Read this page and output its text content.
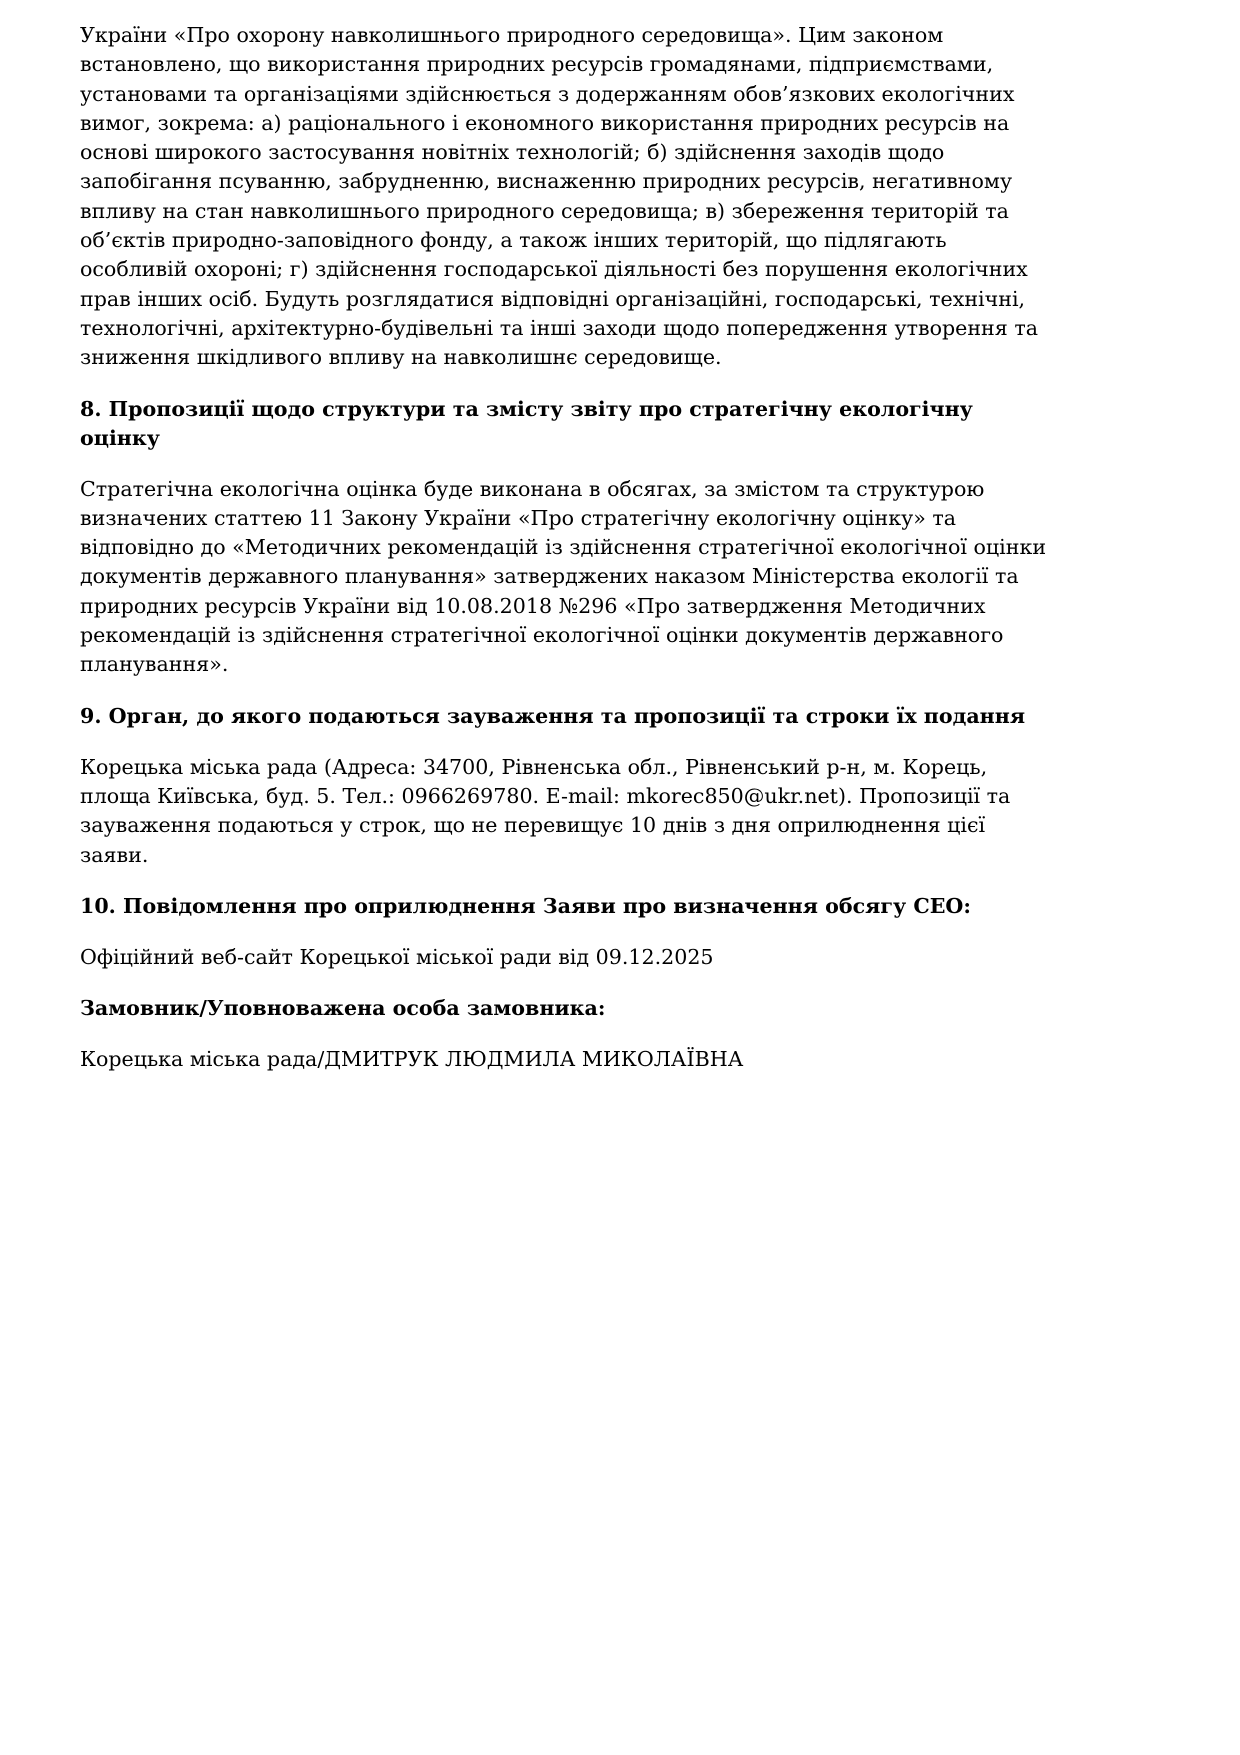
України «Про охорону навколишнього природного середовища». Цим законом
встановлено, що використання природних ресурсів громадянами, підприємствами,
установами та організаціями здійснюється з додержанням обов’язкових екологічних
вимог, зокрема: а) раціонального і економного використання природних ресурсів на
основі широкого застосування новітніх технологій; б) здійснення заходів щодо
запобігання псуванню, забрудненню, виснаженню природних ресурсів, негативному
впливу на стан навколишнього природного середовища; в) збереження територій та
об’єктів природно-заповідного фонду, а також інших територій, що підлягають
особливій охороні; г) здійснення господарської діяльності без порушення екологічних
прав інших осіб. Будуть розглядатися відповідні організаційні, господарські, технічні,
технологічні, архітектурно-будівельні та інші заходи щодо попередження утворення та
зниження шкідливого впливу на навколишнє середовище.

8. Пропозиції щодо структури та змісту звіту про стратегічну екологічну
оцінку

Стратегічна екологічна оцінка буде виконана в обсягах, за змістом та структурою
визначених статтею 11 Закону України «Про стратегічну екологічну оцінку» та
відповідно до «Методичних рекомендацій із здійснення стратегічної екологічної оцінки
документів державного планування» затверджених наказом Міністерства екології та
природних ресурсів України від 10.08.2018 №296 «Про затвердження Методичних
рекомендацій із здійснення стратегічної екологічної оцінки документів державного
планування».

9. Орган, до якого подаються зауваження та пропозиції та строки їх подання

Корецька міська рада (Адреса: 34700, Рівненська обл., Рівненський р-н, м. Корець,
площа Київська, буд. 5. Тел.: 0966269780. E-mail: mkorec850@ukr.net). Пропозиції та
зауваження подаються у строк, що не перевищує 10 днів з дня оприлюднення цієї
заяви.

10. Повідомлення про оприлюднення Заяви про визначення обсягу СЕО:

Офіційний веб-сайт Корецької міської ради від 09.12.2025

Замовник/Уповноважена особа замовника:

Корецька міська рада/ДМИТРУК ЛЮДМИЛА МИКОЛАЇВНА
